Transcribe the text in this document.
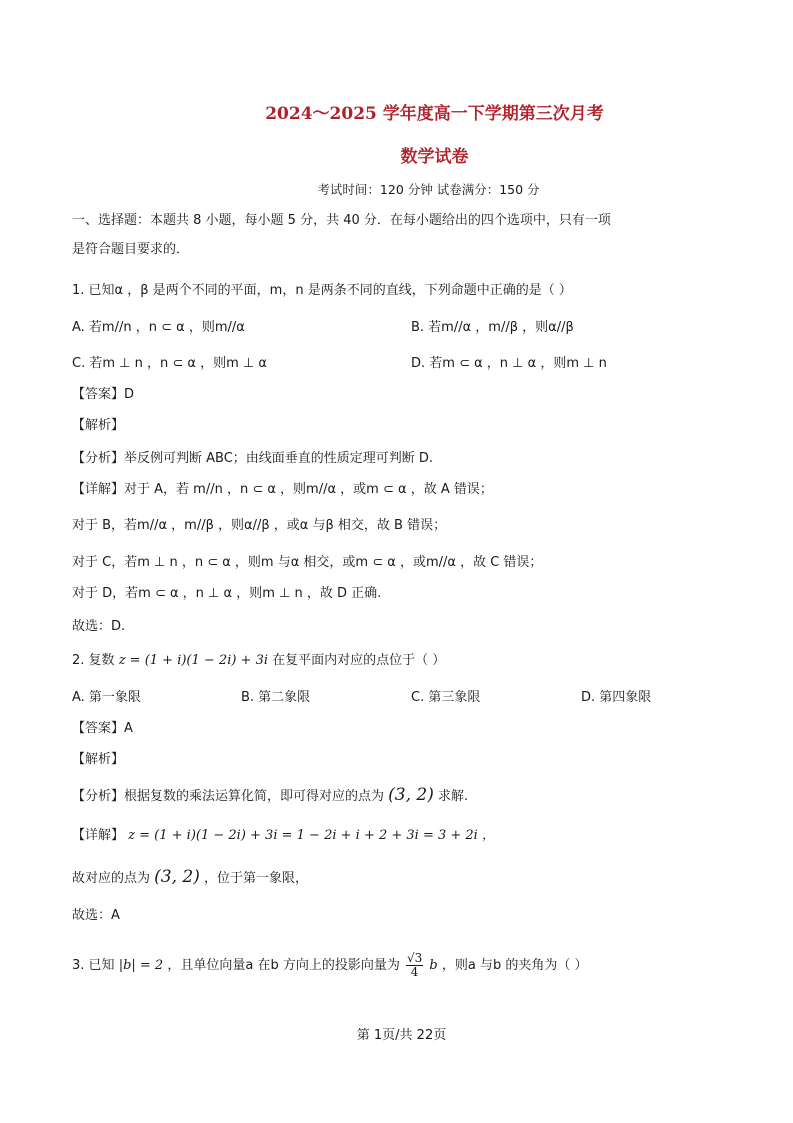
2024～2025 学年度高一下学期第三次月考
数学试卷
考试时间：120 分钟 试卷满分：150 分
一、选择题：本题共 8 小题，每小题 5 分，共 40 分．在每小题给出的四个选项中，只有一项
是符合题目要求的．
1. 已知α ，β 是两个不同的平面，m，n 是两条不同的直线，下列命题中正确的是（ ）
A. 若m//n ，n ⊂ α ，则m//α	B. 若m//α ，m//β ，则α//β
C. 若m ⊥ n ，n ⊂ α ，则m ⊥ α	D. 若m ⊂ α ，n ⊥ α ，则m ⊥ n
【答案】D
【解析】
【分析】举反例可判断 ABC；由线面垂直的性质定理可判断 D.
【详解】对于 A，若 m//n ，n ⊂ α ，则m//α ，或m ⊂ α ，故 A 错误；
对于 B，若m//α ，m//β ，则α//β ，或α 与β 相交，故 B 错误；
对于 C，若m ⊥ n ，n ⊂ α ，则m 与α 相交，或m ⊂ α ，或m//α ，故 C 错误；
对于 D，若m ⊂ α ，n ⊥ α ，则m ⊥ n ，故 D 正确.
故选：D.
2. 复数 z = (1 + i)(1 − 2i) + 3i 在复平面内对应的点位于（ ）
A. 第一象限	B. 第二象限	C. 第三象限	D. 第四象限
【答案】A
【解析】
【分析】根据复数的乘法运算化简，即可得对应的点为 (3, 2) 求解.
【详解】 z = (1 + i)(1 − 2i) + 3i = 1 − 2i + i + 2 + 3i = 3 + 2i ，
故对应的点为 (3, 2) ，位于第一象限，
故选：A
3. 已知 |b| = 2 ，且单位向量a 在b 方向上的投影向量为 $\frac{√3}{4}$ b ，则a 与b 的夹角为（ ）
第 1页/共 22页
